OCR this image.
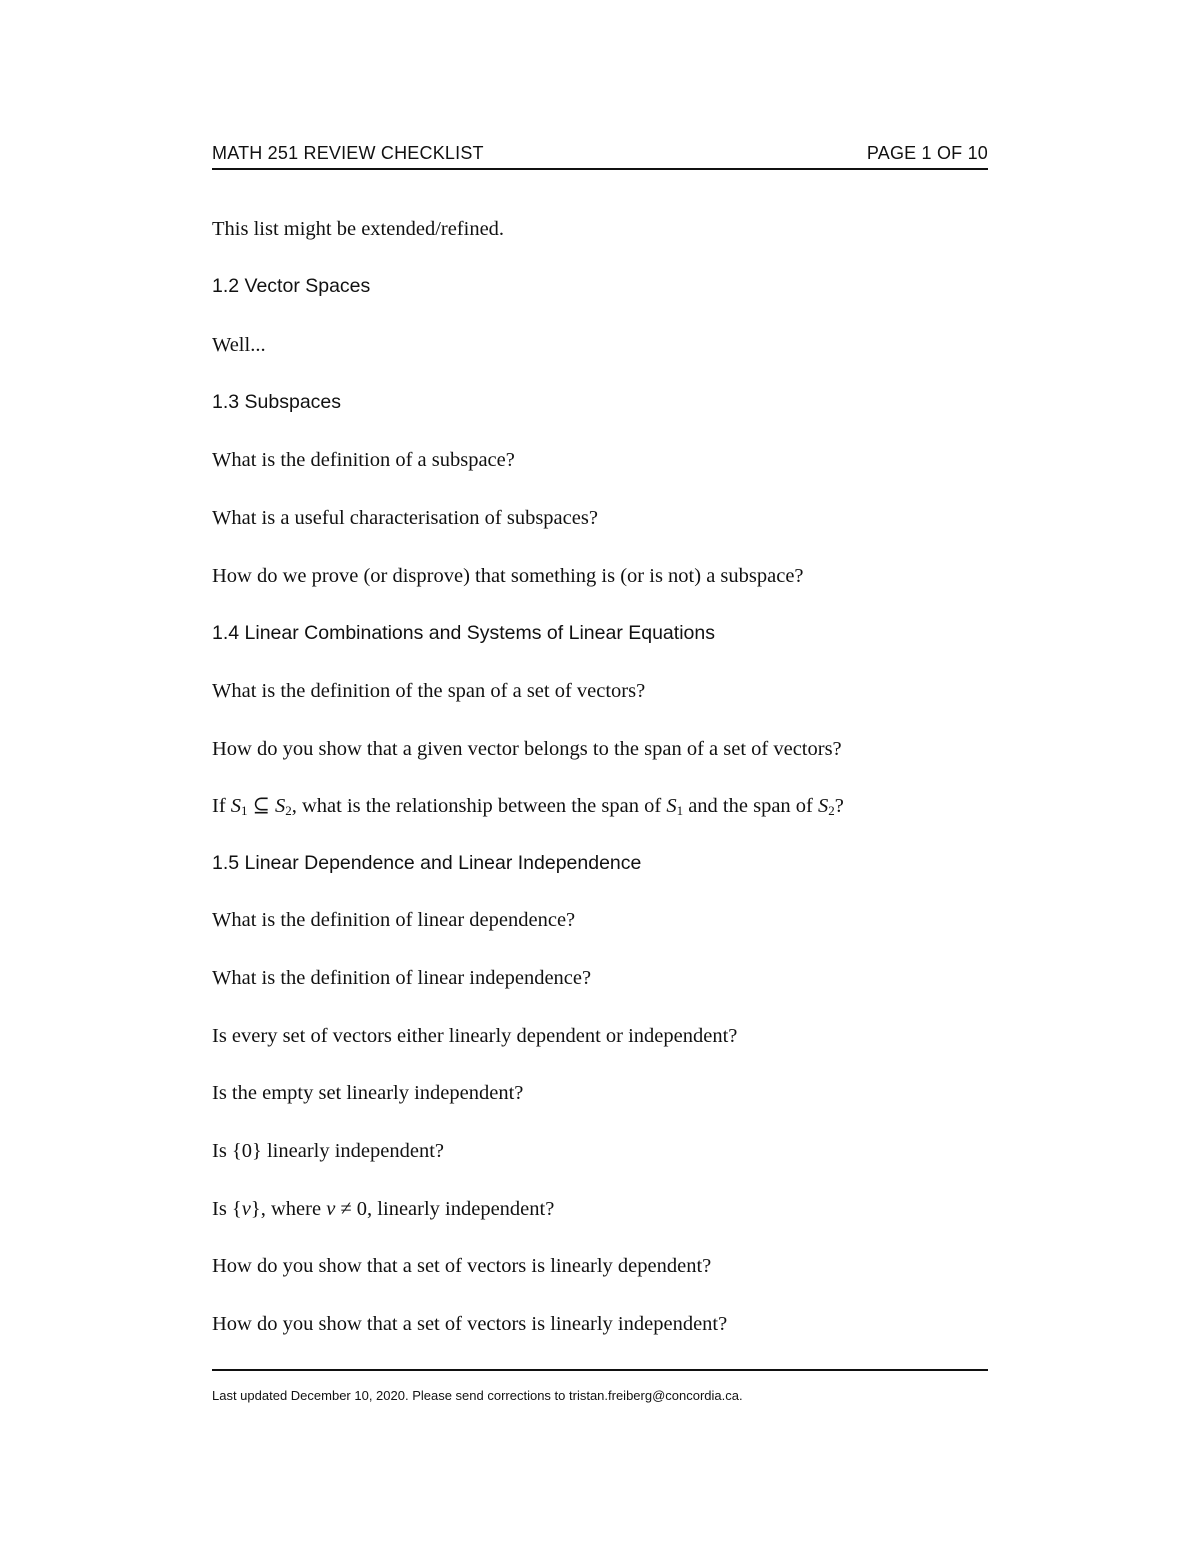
MATH 251 REVIEW CHECKLIST	PAGE 1 OF 10
This list might be extended/refined.
1.2 Vector Spaces
Well...
1.3 Subspaces
What is the definition of a subspace?
What is a useful characterisation of subspaces?
How do we prove (or disprove) that something is (or is not) a subspace?
1.4 Linear Combinations and Systems of Linear Equations
What is the definition of the span of a set of vectors?
How do you show that a given vector belongs to the span of a set of vectors?
If $S_1$ ⊆ $S_2$, what is the relationship between the span of $S_1$ and the span of $S_2$?
1.5 Linear Dependence and Linear Independence
What is the definition of linear dependence?
What is the definition of linear independence?
Is every set of vectors either linearly dependent or independent?
Is the empty set linearly independent?
Is {0} linearly independent?
Is {v}, where v ≠ 0, linearly independent?
How do you show that a set of vectors is linearly dependent?
How do you show that a set of vectors is linearly independent?
Last updated December 10, 2020. Please send corrections to tristan.freiberg@concordia.ca.
